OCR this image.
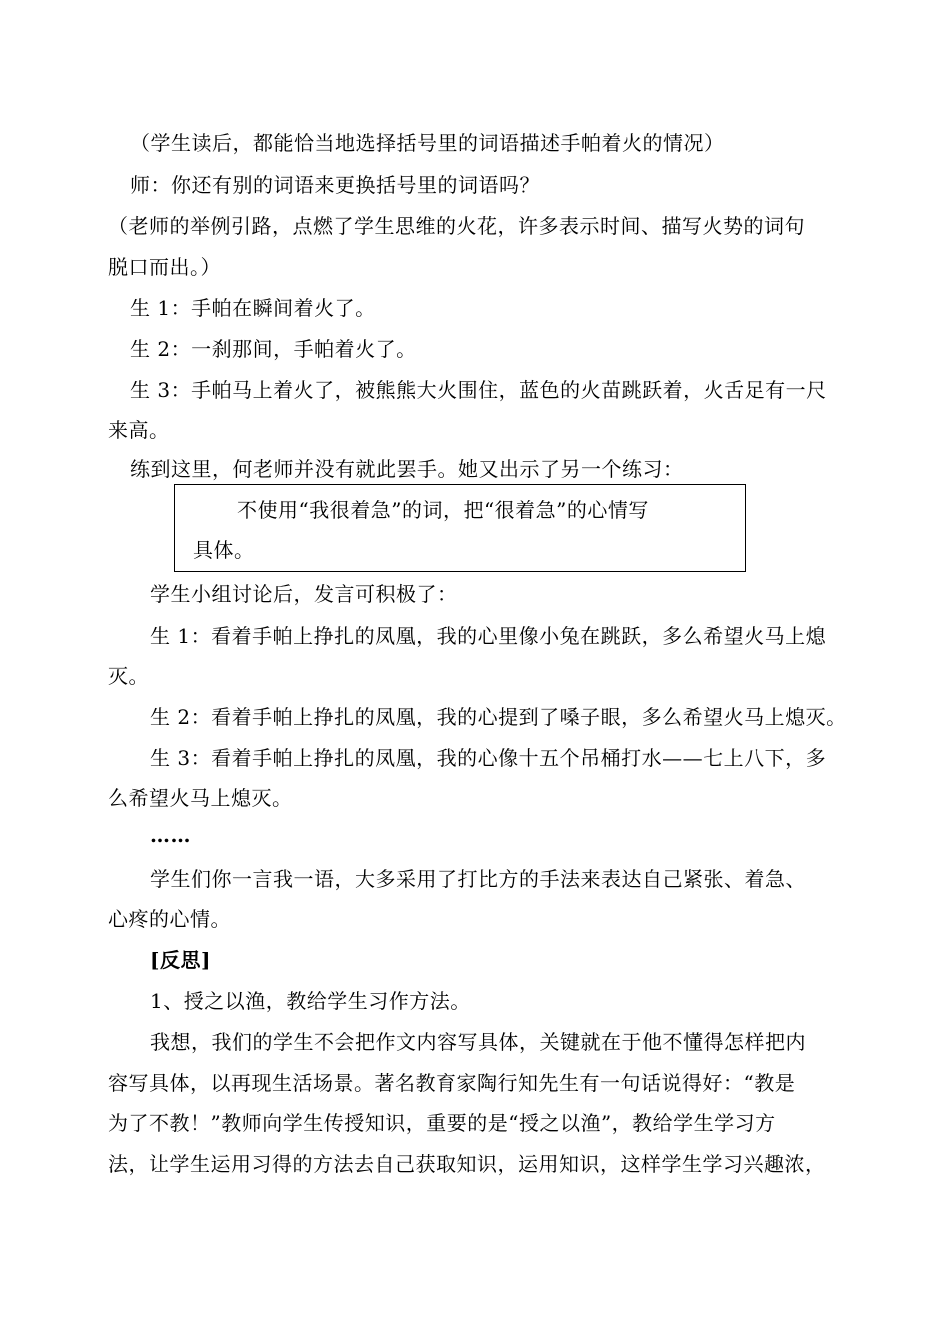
（学生读后，都能恰当地选择括号里的词语描述手帕着火的情况）
师：你还有别的词语来更换括号里的词语吗？
（老师的举例引路，点燃了学生思维的火花，许多表示时间、描写火势的词句
脱口而出。）
生 1：手帕在瞬间着火了。
生 2：一刹那间，手帕着火了。
生 3：手帕马上着火了，被熊熊大火围住，蓝色的火苗跳跃着，火舌足有一尺
来高。
练到这里，何老师并没有就此罢手。她又出示了另一个练习：
不使用“我很着急”的词，把“很着急”的心情写
具体。
学生小组讨论后，发言可积极了：
生 1：看着手帕上挣扎的凤凰，我的心里像小兔在跳跃，多么希望火马上熄
灭。
生 2：看着手帕上挣扎的凤凰，我的心提到了嗓子眼，多么希望火马上熄灭。
生 3：看着手帕上挣扎的凤凰，我的心像十五个吊桶打水——七上八下，多
么希望火马上熄灭。
……
学生们你一言我一语，大多采用了打比方的手法来表达自己紧张、着急、
心疼的心情。
[反思]
1、授之以渔，教给学生习作方法。
我想，我们的学生不会把作文内容写具体，关键就在于他不懂得怎样把内
容写具体，以再现生活场景。著名教育家陶行知先生有一句话说得好：“教是
为了不教！”教师向学生传授知识，重要的是“授之以渔”，教给学生学习方
法，让学生运用习得的方法去自己获取知识，运用知识，这样学生学习兴趣浓，
